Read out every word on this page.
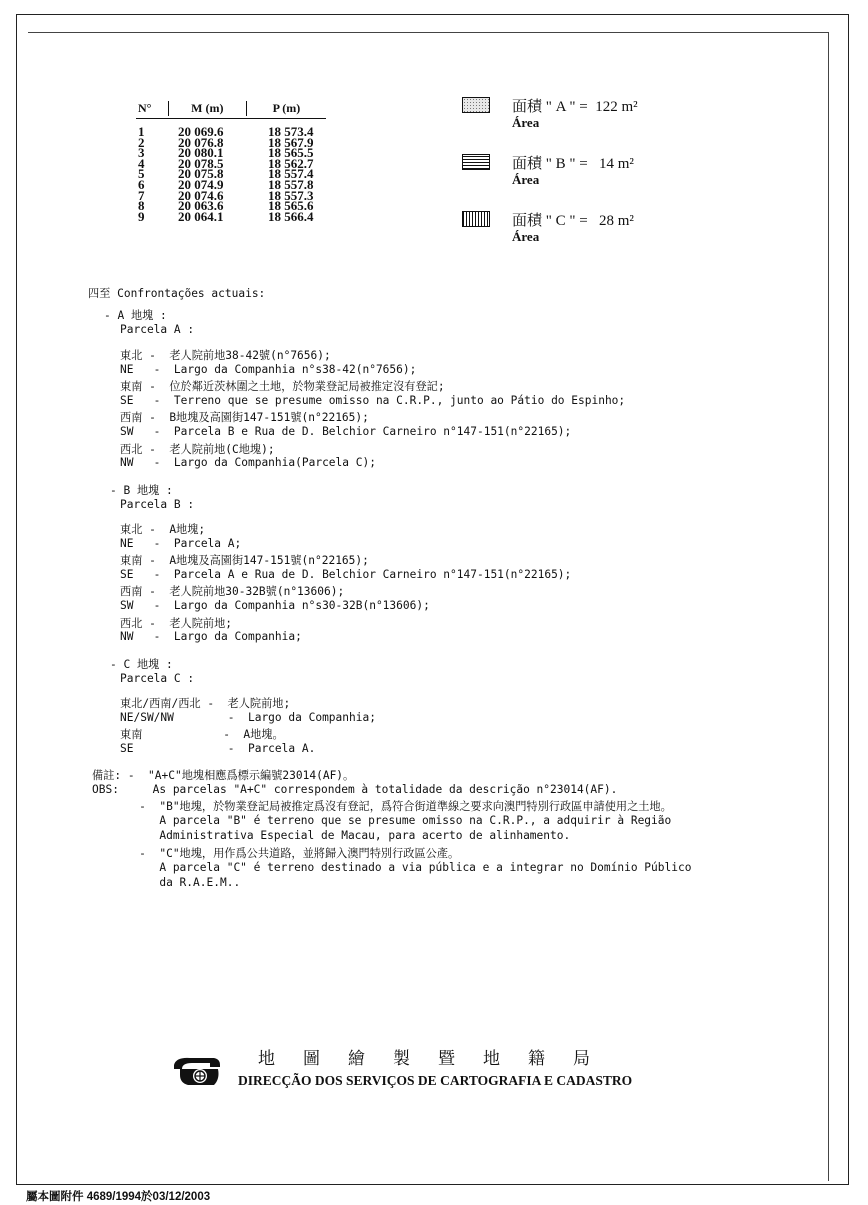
N°	M (m)	P (m)
1	20 069.6	18 573.4
2	20 076.8	18 567.9
3	20 080.1	18 565.5
4	20 078.5	18 562.7
5	20 075.8	18 557.4
6	20 074.9	18 557.8
7	20 074.6	18 557.3
8	20 063.6	18 565.6
9	20 064.1	18 566.4
面積 " A " =  122 m²
Área
面積 " B " =   14 m²
Área
面積 " C " =   28 m²
Área
四至 Confrontações actuais:
- A 地塊 :
Parcela A :
東北 -  老人院前地38-42號(n°7656);
NE   -  Largo da Companhia n°s38-42(n°7656);
東南 -  位於鄰近茨林圍之土地，於物業登記局被推定沒有登記;
SE   -  Terreno que se presume omisso na C.R.P., junto ao Pátio do Espinho;
西南 -  B地塊及高園街147-151號(n°22165);
SW   -  Parcela B e Rua de D. Belchior Carneiro n°147-151(n°22165);
西北 -  老人院前地(C地塊);
NW   -  Largo da Companhia(Parcela C);
- B 地塊 :
Parcela B :
東北 -  A地塊;
NE   -  Parcela A;
東南 -  A地塊及高園街147-151號(n°22165);
SE   -  Parcela A e Rua de D. Belchior Carneiro n°147-151(n°22165);
西南 -  老人院前地30-32B號(n°13606);
SW   -  Largo da Companhia n°s30-32B(n°13606);
西北 -  老人院前地;
NW   -  Largo da Companhia;
- C 地塊 :
Parcela C :
東北/西南/西北 -  老人院前地;
NE/SW/NW        -  Largo da Companhia;
東南            -  A地塊。
SE              -  Parcela A.
備註: -  "A+C"地塊相應爲標示編號23014(AF)。
OBS:     As parcelas "A+C" correspondem à totalidade da descrição n°23014(AF).
-  "B"地塊，於物業登記局被推定爲沒有登記，爲符合街道準線之要求向澳門特別行政區申請使用之土地。
A parcela "B" é terreno que se presume omisso na C.R.P., a adquirir à Região
Administrativa Especial de Macau, para acerto de alinhamento.
-  "C"地塊，用作爲公共道路，並將歸入澳門特別行政區公產。
A parcela "C" é terreno destinado a via pública e a integrar no Domínio Público
da R.A.E.M..
地圖繪製暨地籍局
DIRECÇÃO DOS SERVIÇOS DE CARTOGRAFIA E CADASTRO
屬本圖附件 4689/1994於03/12/2003
